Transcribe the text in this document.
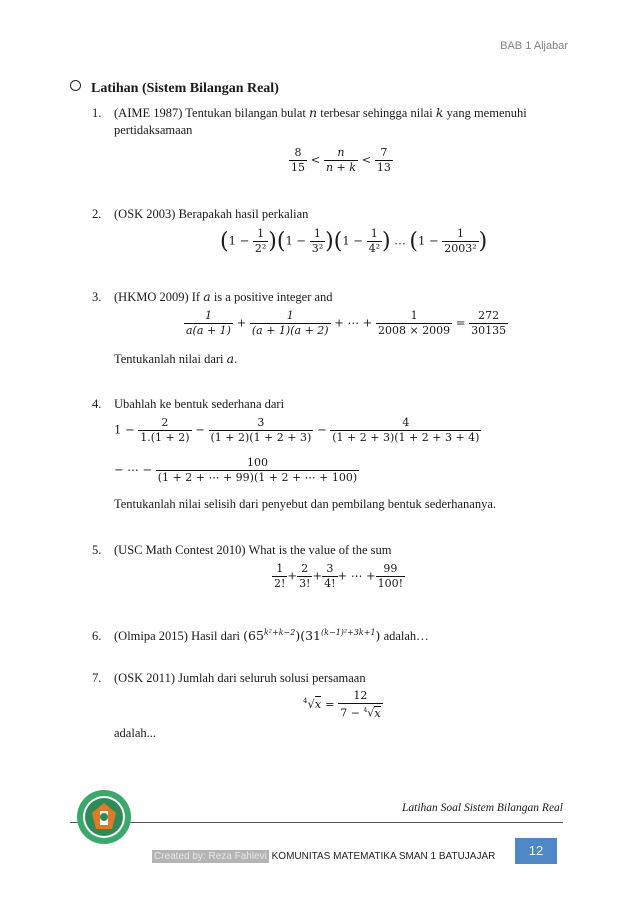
BAB 1 Aljabar
Latihan (Sistem Bilangan Real)
1. (AIME 1987) Tentukan bilangan bulat n terbesar sehingga nilai k yang memenuhi
pertidaksamaan
$\frac{8}{15} < \frac{n}{n + k} < \frac{7}{13}$
2. (OSK 2003) Berapakah hasil perkalian
$(1 - \frac{1}{\text{2²}} )(1 - \frac{1}{\text{3²}} )(1 - \frac{1}{\text{4²}}$ ) … ($1 - \frac{1}{\text{2003²}}$ )
3. (HKMO 2009) If a is a positive integer and
$\frac{1}{a(a + 1)} + \frac{1}{(a + 1)(a + 2)}$ + ⋯ + $\frac{1}{2008 \times 2009} = \frac{272}{30135}$
Tentukanlah nilai dari a.
4. Ubahlah ke bentuk sederhana dari
$1 - \frac{2}{1.(1 + 2)} - \frac{3}{(1 + 2)(1 + 2 + 3)} - \frac{4}{(1 + 2 + 3)(1 + 2 + 3 + 4)}$
− ⋯ − $\frac{100}{(1 + 2 + \cdots + 99)(1 + 2 + \cdots + 100)}$
Tentukanlah nilai selisih dari penyebut dan pembilang bentuk sederhananya.
5. (USC Math Contest 2010) What is the value of the sum
$\frac{1}{2!} + \frac{2}{3!} + \frac{3}{4!}$ + ⋯ + $\frac{99}{100!}$
6. (Olmipa 2015) Hasil dari $(65^{k^2+k-2})(31^{(k-1)^2+3k+1})$ adalah…
7. (OSK 2011) Jumlah dari seluruh solusi persamaan
$^4√x = \frac{12}{7 - ^4√x}$
adalah...
Latihan Soal Sistem Bilangan Real
Created by: Reza Fahlevi KOMUNITAS MATEMATIKA SMAN 1 BATUJAJAR	12
